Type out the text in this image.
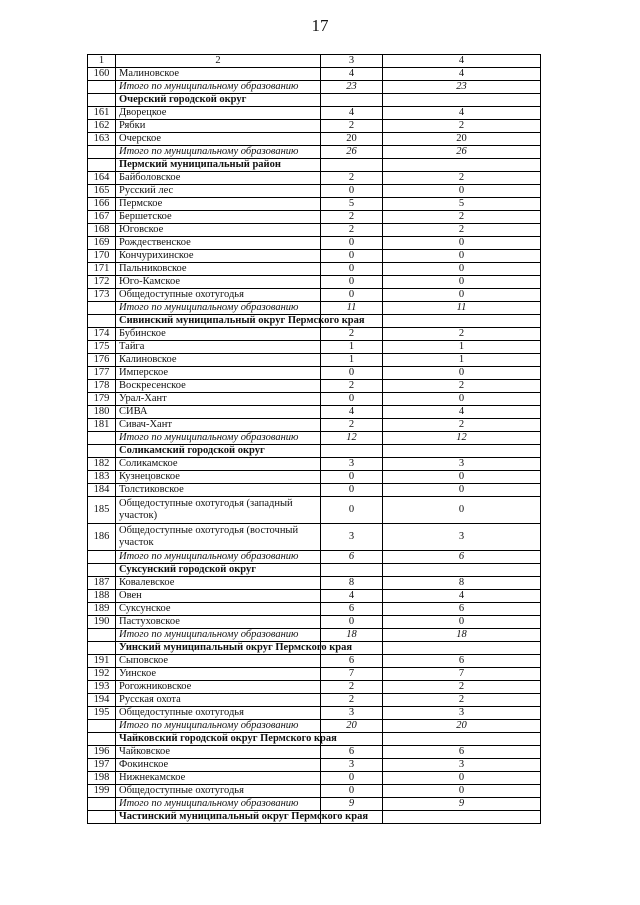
17
1	2	3	4
160	Малиновское	4	4
	Итого по муниципальному образованию	23	23
	Очерский городской округ		
161	Дворецкое	4	4
162	Рябки	2	2
163	Очерское	20	20
	Итого по муниципальному образованию	26	26
	Пермский муниципальный район		
164	Байболовское	2	2
165	Русский лес	0	0
166	Пермское	5	5
167	Бершетское	2	2
168	Юговское	2	2
169	Рождественское	0	0
170	Кончурихинское	0	0
171	Пальниковское	0	0
172	Юго-Камское	0	0
173	Общедоступные охотугодья	0	0
	Итого по муниципальному образованию	11	11
	Сивинский муниципальный округ Пермского края		
174	Бубинское	2	2
175	Тайга	1	1
176	Калиновское	1	1
177	Имперское	0	0
178	Воскресенское	2	2
179	Урал-Хант	0	0
180	СИВА	4	4
181	Сивач-Хант	2	2
	Итого по муниципальному образованию	12	12
	Соликамский городской округ		
182	Соликамское	3	3
183	Кузнецовское	0	0
184	Толстиковское	0	0
185	Общедоступные охотугодья (западный участок)	0	0
186	Общедоступные охотугодья (восточный участок	3	3
	Итого по муниципальному образованию	6	6
	Суксунский городской округ		
187	Ковалевское	8	8
188	Овен	4	4
189	Суксунское	6	6
190	Пастуховское	0	0
	Итого по муниципальному образованию	18	18
	Уинский муниципальный округ Пермского края		
191	Сыповское	6	6
192	Уинское	7	7
193	Рогожниковское	2	2
194	Русская охота	2	2
195	Общедоступные охотугодья	3	3
	Итого по муниципальному образованию	20	20
	Чайковский городской округ Пермского края		
196	Чайковское	6	6
197	Фокинское	3	3
198	Нижнекамское	0	0
199	Общедоступные охотугодья	0	0
	Итого по муниципальному образованию	9	9
	Частинский муниципальный округ Пермского края		
